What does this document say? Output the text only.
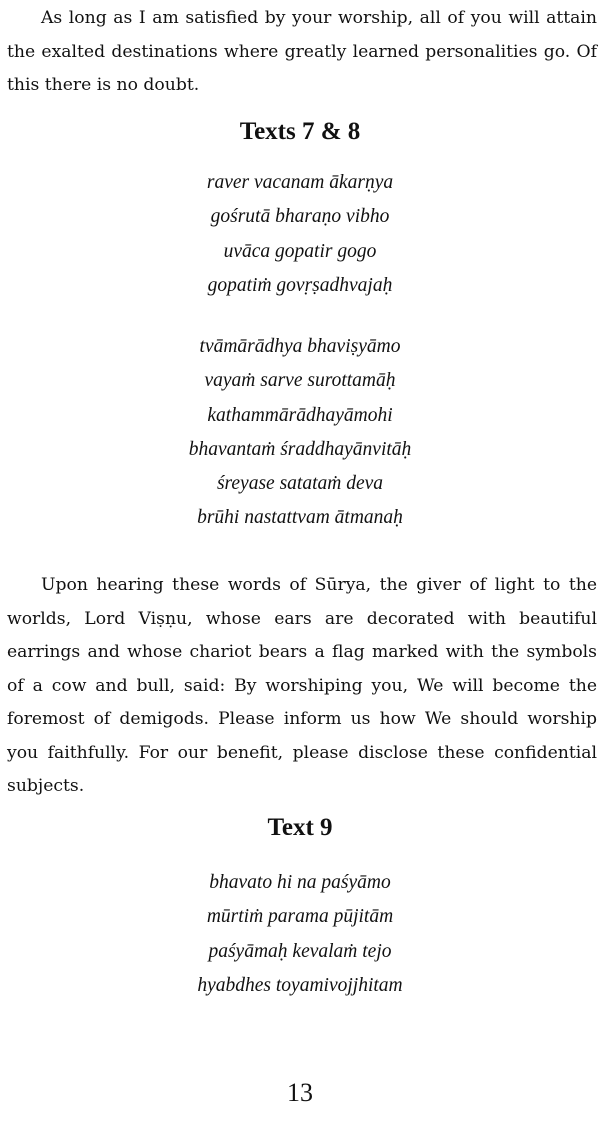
As long as I am satisfied by your worship, all of you will attain the exalted destinations where greatly learned personalities go. Of this there is no doubt.

Texts 7 & 8
raver vacanam ākarṇya
gośrutā bharaṇo vibho
uvāca gopatir gogo
gopatiṁ govṛṣadhvajaḥ
tvāmārādhya bhaviṣyāmo
vayaṁ sarve surottamāḥ
kathammārādhayāmohi
bhavantaṁ śraddhayānvitāḥ
śreyase satataṁ deva
brūhi nastattvam ātmanaḥ

Upon hearing these words of Sūrya, the giver of light to the worlds, Lord Viṣṇu, whose ears are decorated with beautiful earrings and whose chariot bears a flag marked with the symbols of a cow and bull, said: By worshiping you, We will become the foremost of demigods. Please inform us how We should worship you faithfully. For our benefit, please disclose these confidential subjects.

Text 9
bhavato hi na paśyāmo
mūrtiṁ parama pūjitām
paśyāmaḥ kevalaṁ tejo
hyabdhes toyamivojjhitam
13
